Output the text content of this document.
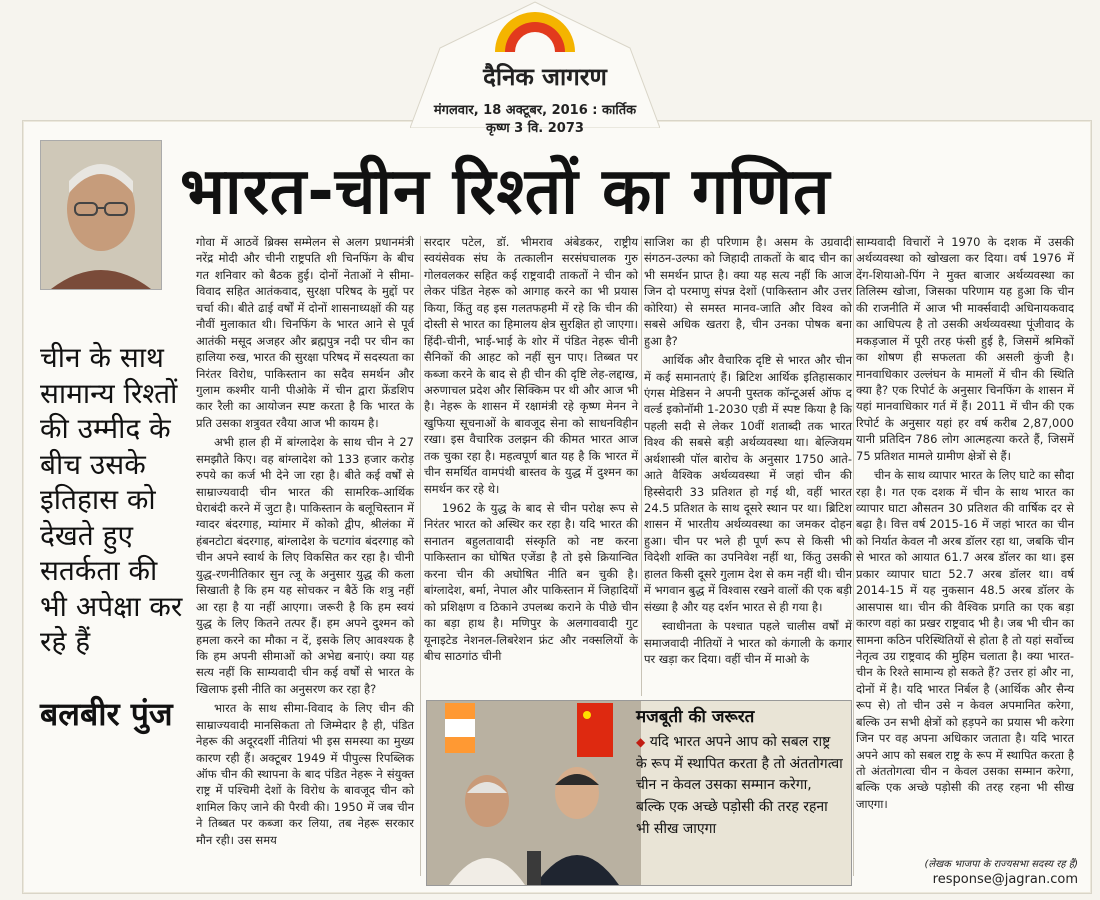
दैनिक जागरण
मंगलवार, 18 अक्टूबर, 2016 : कार्तिक कृष्ण 3 वि. 2073
भारत-चीन रिश्तों का गणित
चीन के साथ सामान्य रिश्तों की उम्मीद के बीच उसके इतिहास को देखते हुए सतर्कता की भी अपेक्षा कर रहे हैं
बलबीर पुंज

गोवा में आठवें ब्रिक्स सम्मेलन से अलग प्रधानमंत्री नरेंद्र मोदी और चीनी राष्ट्रपति शी चिनफिंग के बीच गत शनिवार को बैठक हुई। दोनों नेताओं ने सीमा-विवाद सहित आतंकवाद, सुरक्षा परिषद के मुद्दों पर चर्चा की। बीते ढाई वर्षों में दोनों शासनाध्यक्षों की यह नौवीं मुलाकात थी। चिनफिंग के भारत आने से पूर्व आतंकी मसूद अजहर और ब्रह्मपुत्र नदी पर चीन का हालिया रुख, भारत की सुरक्षा परिषद में सदस्यता का निरंतर विरोध, पाकिस्तान का सदैव समर्थन और गुलाम कश्मीर यानी पीओके में चीन द्वारा फ्रेंडशिप कार रैली का आयोजन स्पष्ट करता है कि भारत के प्रति उसका शत्रुवत रवैया आज भी कायम है।

अभी हाल ही में बांग्लादेश के साथ चीन ने 27 समझौते किए। वह बांग्लादेश को 133 हजार करोड़ रुपये का कर्ज भी देने जा रहा है। बीते कई वर्षों से साम्राज्यवादी चीन भारत की सामरिक-आर्थिक घेराबंदी करने में जुटा है। पाकिस्तान के बलूचिस्तान में ग्वादर बंदरगाह, म्यांमार में कोको द्वीप, श्रीलंका में हंबनटोटा बंदरगाह, बांग्लादेश के चटगांव बंदरगाह को चीन अपने स्वार्थ के लिए विकसित कर रहा है। चीनी युद्ध-रणनीतिकार सुन त्जू के अनुसार युद्ध की कला सिखाती है कि हम यह सोचकर न बैठें कि शत्रु नहीं आ रहा है या नहीं आएगा। जरूरी है कि हम स्वयं युद्ध के लिए कितने तत्पर हैं। हम अपने दुश्मन को हमला करने का मौका न दें, इसके लिए आवश्यक है कि हम अपनी सीमाओं को अभेद्य बनाएं। क्या यह सत्य नहीं कि साम्यवादी चीन कई वर्षों से भारत के खिलाफ इसी नीति का अनुसरण कर रहा है?

भारत के साथ सीमा-विवाद के लिए चीन की साम्राज्यवादी मानसिकता तो जिम्मेदार है ही, पंडित नेहरू की अदूरदर्शी नीतियां भी इस समस्या का मुख्य कारण रही हैं। अक्टूबर 1949 में पीपुल्स रिपब्लिक ऑफ चीन की स्थापना के बाद पंडित नेहरू ने संयुक्त राष्ट्र में पश्चिमी देशों के विरोध के बावजूद चीन को शामिल किए जाने की पैरवी की। 1950 में जब चीन ने तिब्बत पर कब्जा कर लिया, तब नेहरू सरकार मौन रही। उस समय

सरदार पटेल, डॉ. भीमराव अंबेडकर, राष्ट्रीय स्वयंसेवक संघ के तत्कालीन सरसंघचालक गुरु गोलवलकर सहित कई राष्ट्रवादी ताकतों ने चीन को लेकर पंडित नेहरू को आगाह करने का भी प्रयास किया, किंतु वह इस गलतफहमी में रहे कि चीन की दोस्ती से भारत का हिमालय क्षेत्र सुरक्षित हो जाएगा। हिंदी-चीनी, भाई-भाई के शोर में पंडित नेहरू चीनी सैनिकों की आहट को नहीं सुन पाए। तिब्बत पर कब्जा करने के बाद से ही चीन की दृष्टि लेह-लद्दाख, अरुणाचल प्रदेश और सिक्किम पर थी और आज भी है। नेहरू के शासन में रक्षामंत्री रहे कृष्ण मेनन ने खुफिया सूचनाओं के बावजूद सेना को साधनविहीन रखा। इस वैचारिक उलझन की कीमत भारत आज तक चुका रहा है। महत्वपूर्ण बात यह है कि भारत में चीन समर्थित वामपंथी बास्तव के युद्ध में दुश्मन का समर्थन कर रहे थे।

1962 के युद्ध के बाद से चीन परोक्ष रूप से निरंतर भारत को अस्थिर कर रहा है। यदि भारत की सनातन बहुलतावादी संस्कृति को नष्ट करना पाकिस्तान का घोषित एजेंडा है तो इसे क्रियान्वित करना चीन की अघोषित नीति बन चुकी है। बांग्लादेश, बर्मा, नेपाल और पाकिस्तान में जिहादियों को प्रशिक्षण व ठिकाने उपलब्ध कराने के पीछे चीन का बड़ा हाथ है। मणिपुर के अलगाववादी गुट यूनाइटेड नेशनल-लिबरेशन फ्रंट और नक्सलियों के बीच साठगांठ चीनी

साजिश का ही परिणाम है। असम के उग्रवादी संगठन-उल्फा को जिहादी ताकतों के बाद चीन का भी समर्थन प्राप्त है। क्या यह सत्य नहीं कि आज जिन दो परमाणु संपन्न देशों (पाकिस्तान और उत्तर कोरिया) से समस्त मानव-जाति और विश्व को सबसे अधिक खतरा है, चीन उनका पोषक बना हुआ है?

आर्थिक और वैचारिक दृष्टि से भारत और चीन में कई समानताएं हैं। ब्रिटिश आर्थिक इतिहासकार एंगस मेडिसन ने अपनी पुस्तक कॉन्टूअर्स ऑफ द वर्ल्ड इकोनॉमी 1-2030 एडी में स्पष्ट किया है कि पहली सदी से लेकर 10वीं शताब्दी तक भारत विश्व की सबसे बड़ी अर्थव्यवस्था था। बेल्जियम अर्थशास्त्री पॉल बारोच के अनुसार 1750 आते-आते वैश्विक अर्थव्यवस्था में जहां चीन की हिस्सेदारी 33 प्रतिशत हो गई थी, वहीं भारत 24.5 प्रतिशत के साथ दूसरे स्थान पर था। ब्रिटिश शासन में भारतीय अर्थव्यवस्था का जमकर दोहन हुआ। चीन पर भले ही पूर्ण रूप से किसी भी विदेशी शक्ति का उपनिवेश नहीं था, किंतु उसकी हालत किसी दूसरे गुलाम देश से कम नहीं थी। चीन में भगवान बुद्ध में विश्वास रखने वालों की एक बड़ी संख्या है और यह दर्शन भारत से ही गया है।

स्वाधीनता के पश्चात पहले चालीस वर्षों में समाजवादी नीतियों ने भारत को कंगाली के कगार पर खड़ा कर दिया। वहीं चीन में माओ के

साम्यवादी विचारों ने 1970 के दशक में उसकी अर्थव्यवस्था को खोखला कर दिया। वर्ष 1976 में देंग-शियाओ-पिंग ने मुक्त बाजार अर्थव्यवस्था का तिलिस्म खोजा, जिसका परिणाम यह हुआ कि चीन की राजनीति में आज भी मार्क्सवादी अधिनायकवाद का आधिपत्य है तो उसकी अर्थव्यवस्था पूंजीवाद के मकड़जाल में पूरी तरह फंसी हुई है, जिसमें श्रमिकों का शोषण ही सफलता की असली कुंजी है। मानवाधिकार उल्लंघन के मामलों में चीन की स्थिति क्या है? एक रिपोर्ट के अनुसार चिनफिंग के शासन में यहां मानवाधिकार गर्त में हैं। 2011 में चीन की एक रिपोर्ट के अनुसार यहां हर वर्ष करीब 2,87,000 यानी प्रतिदिन 786 लोग आत्महत्या करते हैं, जिसमें 75 प्रतिशत मामले ग्रामीण क्षेत्रों से हैं।

चीन के साथ व्यापार भारत के लिए घाटे का सौदा रहा है। गत एक दशक में चीन के साथ भारत का व्यापार घाटा औसतन 30 प्रतिशत की वार्षिक दर से बढ़ा है। वित्त वर्ष 2015-16 में जहां भारत का चीन को निर्यात केवल नौ अरब डॉलर रहा था, जबकि चीन से भारत को आयात 61.7 अरब डॉलर का था। इस प्रकार व्यापार घाटा 52.7 अरब डॉलर था। वर्ष 2014-15 में यह नुकसान 48.5 अरब डॉलर के आसपास था। चीन की वैश्विक प्रगति का एक बड़ा कारण वहां का प्रखर राष्ट्रवाद भी है। जब भी चीन का सामना कठिन परिस्थितियों से होता है तो यहां सर्वोच्च नेतृत्व उग्र राष्ट्रवाद की मुहिम चलाता है। क्या भारत-चीन के रिश्ते सामान्य हो सकते हैं? उत्तर हां और ना, दोनों में है। यदि भारत निर्बल है (आर्थिक और सैन्य रूप से) तो चीन उसे न केवल अपमानित करेगा, बल्कि उन सभी क्षेत्रों को हड़पने का प्रयास भी करेगा जिन पर वह अपना अधिकार जताता है। यदि भारत अपने आप को सबल राष्ट्र के रूप में स्थापित करता है तो अंततोगत्वा चीन न केवल उसका सम्मान करेगा, बल्कि एक अच्छे पड़ोसी की तरह रहना भी सीख जाएगा।

मजबूती की जरूरत
◆ यदि भारत अपने आप को सबल राष्ट्र के रूप में स्थापित करता है तो अंततोगत्वा चीन न केवल उसका सम्मान करेगा, बल्कि एक अच्छे पड़ोसी की तरह रहना भी सीख जाएगा
(लेखक भाजपा के राज्यसभा सदस्य रह हैं)
response@jagran.com
